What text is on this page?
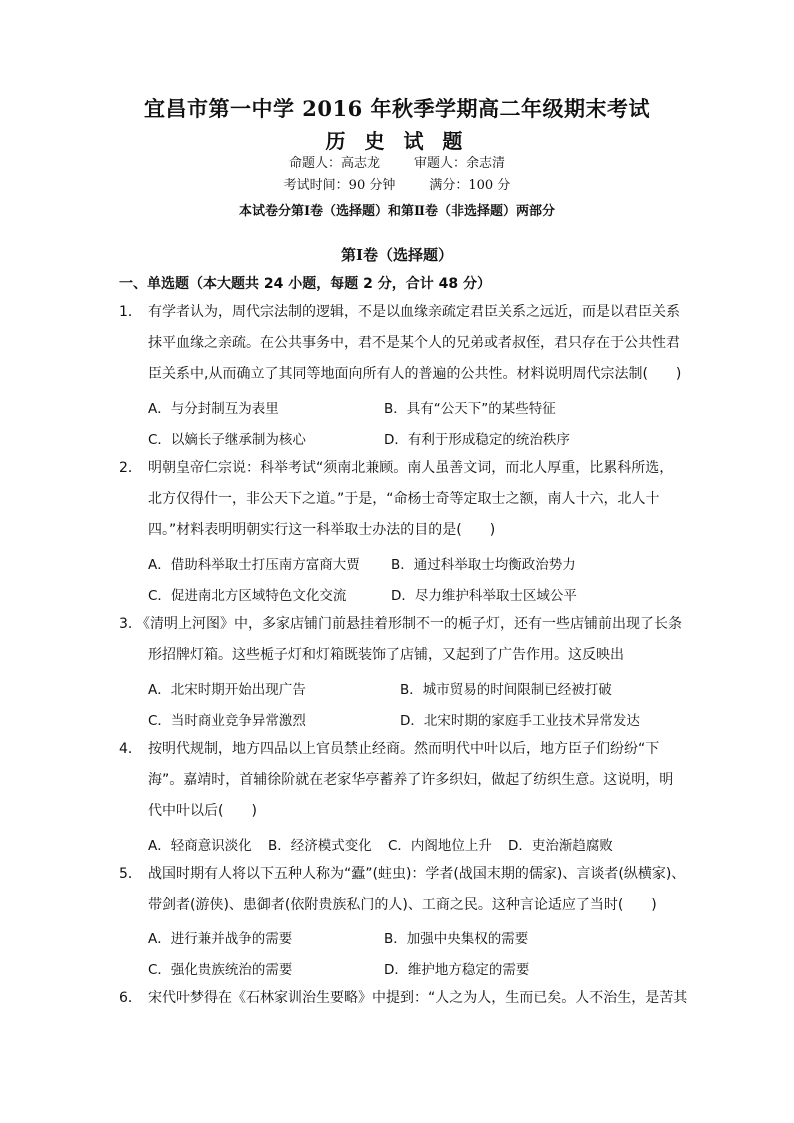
宜昌市第一中学 2016 年秋季学期高二年级期末考试
历 史 试 题
命题人：高志龙	审题人：余志清
考试时间：90 分钟	满分：100 分
本试卷分第Ⅰ卷（选择题）和第Ⅱ卷（非选择题）两部分
第Ⅰ卷（选择题）
一、单选题（本大题共 24 小题，每题 2 分，合计 48 分）
1． 有学者认为，周代宗法制的逻辑，不是以血缘亲疏定君臣关系之远近，而是以君臣关系
抹平血缘之亲疏。在公共事务中，君不是某个人的兄弟或者叔侄，君只存在于公共性君
臣关系中,从而确立了其同等地面向所有人的普遍的公共性。材料说明周代宗法制(　　)
A．与分封制互为表里	B．具有“公天下”的某些特征
C．以嫡长子继承制为核心	D．有利于形成稳定的统治秩序
2． 明朝皇帝仁宗说：科举考试“须南北兼顾。南人虽善文词，而北人厚重，比累科所选，
北方仅得什一，非公天下之道。”于是，“命杨士奇等定取士之额，南人十六，北人十
四。”材料表明明朝实行这一科举取士办法的目的是(　　)
A．借助科举取士打压南方富商大贾 B．通过科举取士均衡政治势力
C．促进南北方区域特色文化交流	D．尽力维护科举取士区域公平
3. 《清明上河图》中，多家店铺门前悬挂着形制不一的栀子灯，还有一些店铺前出现了长条
形招牌灯箱。这些栀子灯和灯箱既装饰了店铺，又起到了广告作用。这反映出
A．北宋时期开始出现广告	B．城市贸易的时间限制已经被打破
C．当时商业竞争异常激烈	D．北宋时期的家庭手工业技术异常发达
4． 按明代规制，地方四品以上官员禁止经商。然而明代中叶以后，地方臣子们纷纷“下
海”。嘉靖时，首辅徐阶就在老家华亭蓄养了许多织妇，做起了纺织生意。这说明，明
代中叶以后(　　)
A．轻商意识淡化 B．经济模式变化 C．内阁地位上升 D．吏治渐趋腐败
5． 战国时期有人将以下五种人称为“蠹”(蛀虫)：学者(战国末期的儒家)、言谈者(纵横家)、
带剑者(游侠)、患御者(依附贵族私门的人)、工商之民。这种言论适应了当时(　　)
A．进行兼并战争的需要	B．加强中央集权的需要
C．强化贵族统治的需要	D．维护地方稳定的需要
6． 宋代叶梦得在《石林家训治生要略》中提到：“人之为人，生而已矣。人不治生，是苦其
